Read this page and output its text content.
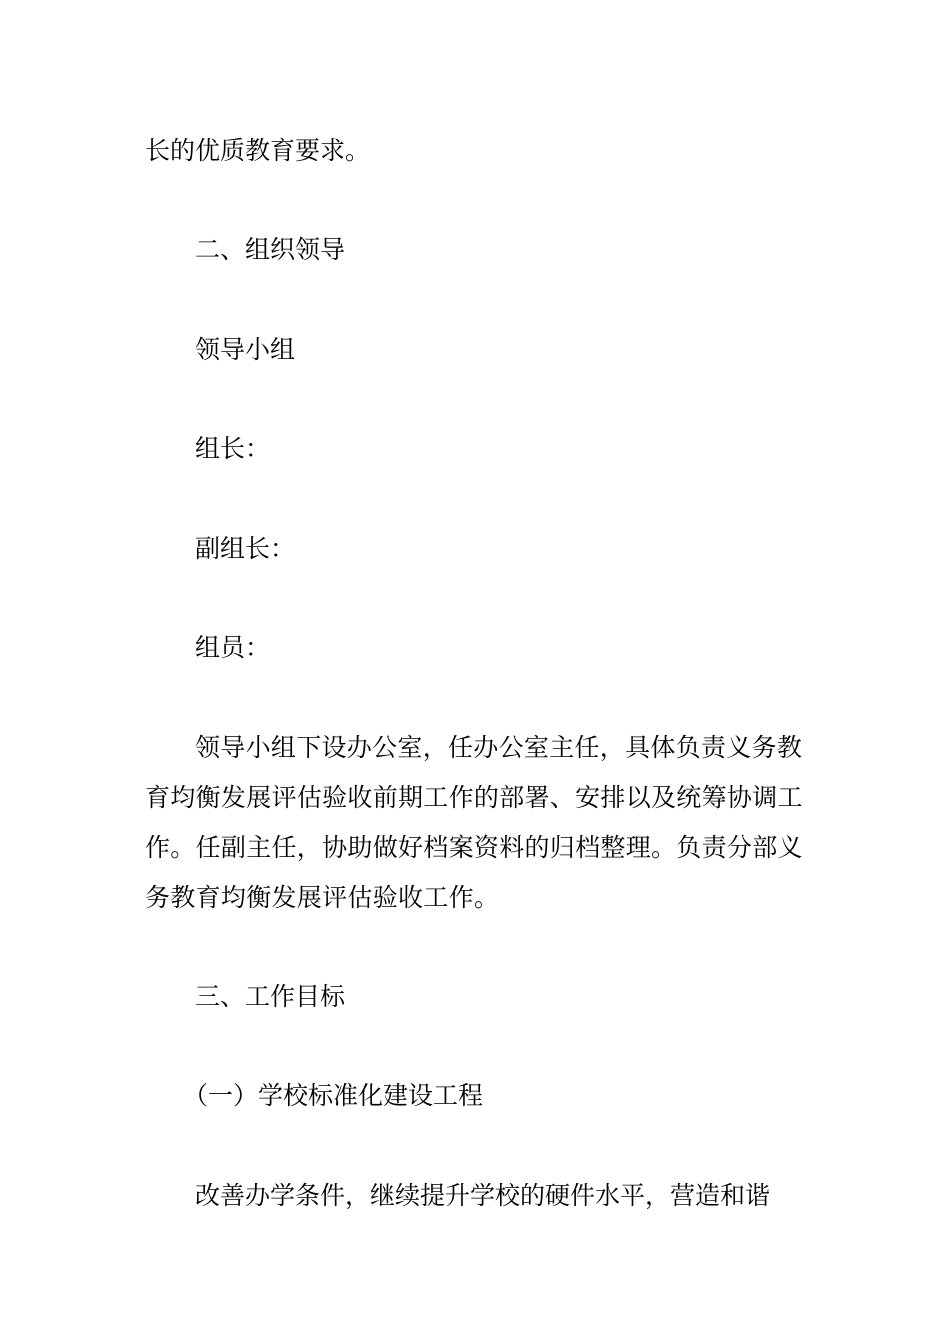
长的优质教育要求。
二、组织领导
领导小组
组长：
副组长：
组员：
领导小组下设办公室，任办公室主任，具体负责义务教育均衡发展评估验收前期工作的部署、安排以及统筹协调工作。任副主任，协助做好档案资料的归档整理。负责分部义务教育均衡发展评估验收工作。
三、工作目标
（一）学校标准化建设工程
改善办学条件，继续提升学校的硬件水平，营造和谐
